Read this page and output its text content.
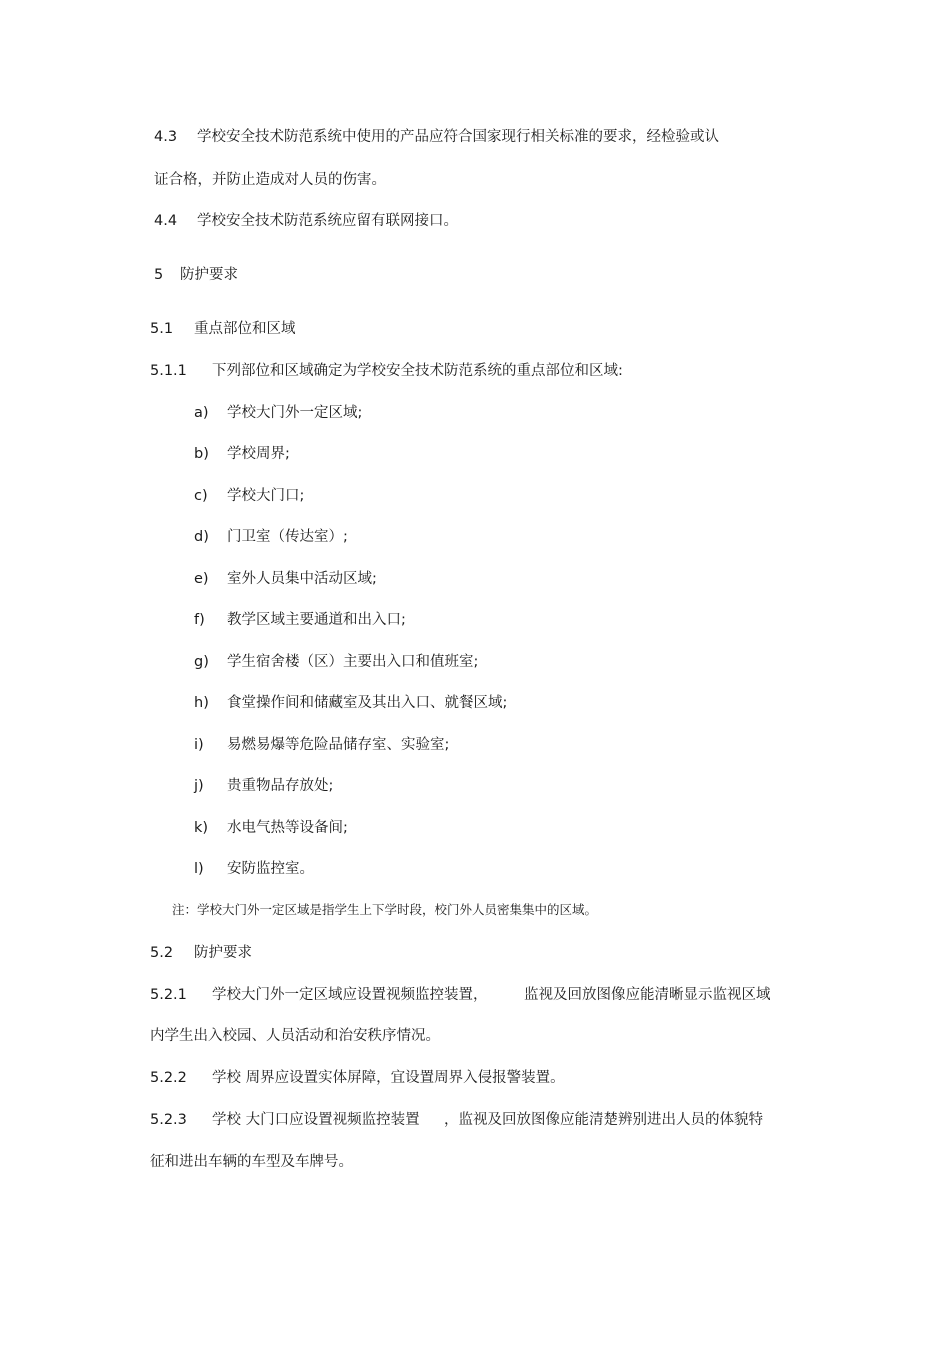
4.3 学校安全技术防范系统中使用的产品应符合国家现行相关标准的要求，经检验或认
证合格，并防止造成对人员的伤害。
4.4 学校安全技术防范系统应留有联网接口。
5 防护要求
5.1 重点部位和区域
5.1.1 下列部位和区域确定为学校安全技术防范系统的重点部位和区域:
a) 学校大门外一定区域;
b) 学校周界;
c) 学校大门口;
d) 门卫室（传达室）;
e) 室外人员集中活动区域;
f) 教学区域主要通道和出入口;
g) 学生宿舍楼（区）主要出入口和值班室;
h) 食堂操作间和储藏室及其出入口、就餐区域;
i) 易燃易爆等危险品储存室、实验室;
j) 贵重物品存放处;
k) 水电气热等设备间;
l) 安防监控室。
注：学校大门外一定区域是指学生上下学时段，校门外人员密集集中的区域。
5.2 防护要求
5.2.1 学校大门外一定区域应设置视频监控装置，	监视及回放图像应能清晰显示监视区域
内学生出入校园、人员活动和治安秩序情况。
5.2.2 学校 周界应设置实体屏障，宜设置周界入侵报警装置。
5.2.3 学校 大门口应设置视频监控装置 ，监视及回放图像应能清楚辨别进出人员的体貌特
征和进出车辆的车型及车牌号。
